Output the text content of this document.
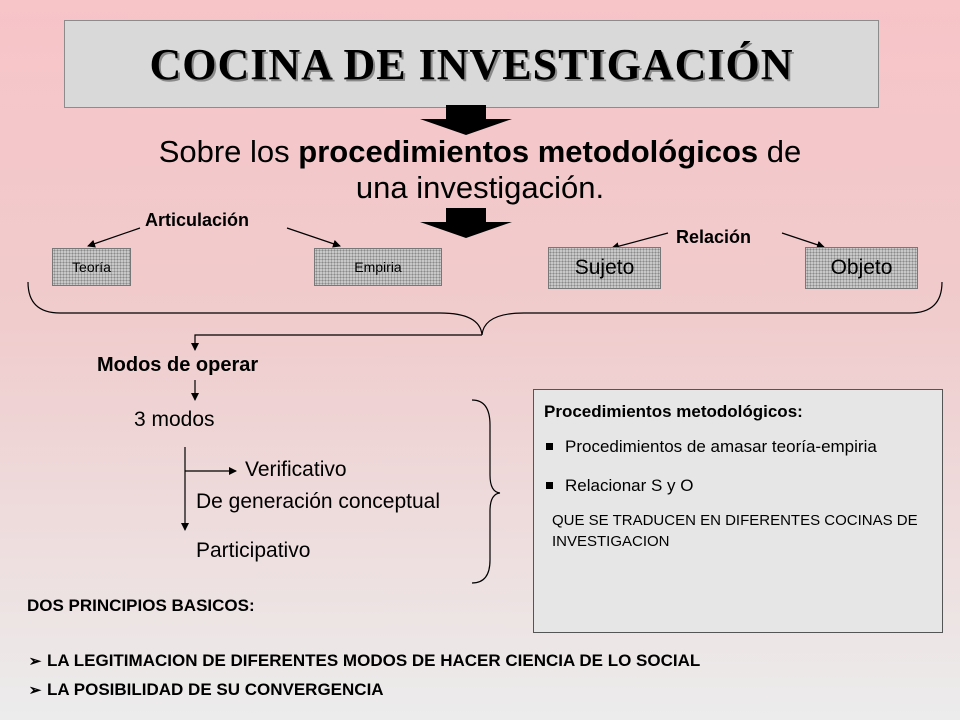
COCINA DE INVESTIGACIÓN
Sobre los procedimientos metodológicos de
una investigación.
Articulación
Relación
Teoría	Empiria	Sujeto	Objeto
Modos de operar
3 modos
Verificativo
De generación conceptual
Participativo
Procedimientos metodológicos:
Procedimientos de amasar teoría-empiria
Relacionar S y O
QUE SE TRADUCEN EN DIFERENTES COCINAS DE INVESTIGACION
DOS PRINCIPIOS BASICOS:
➢ LA LEGITIMACION DE DIFERENTES MODOS DE HACER CIENCIA DE LO SOCIAL
➢ LA POSIBILIDAD DE SU CONVERGENCIA
